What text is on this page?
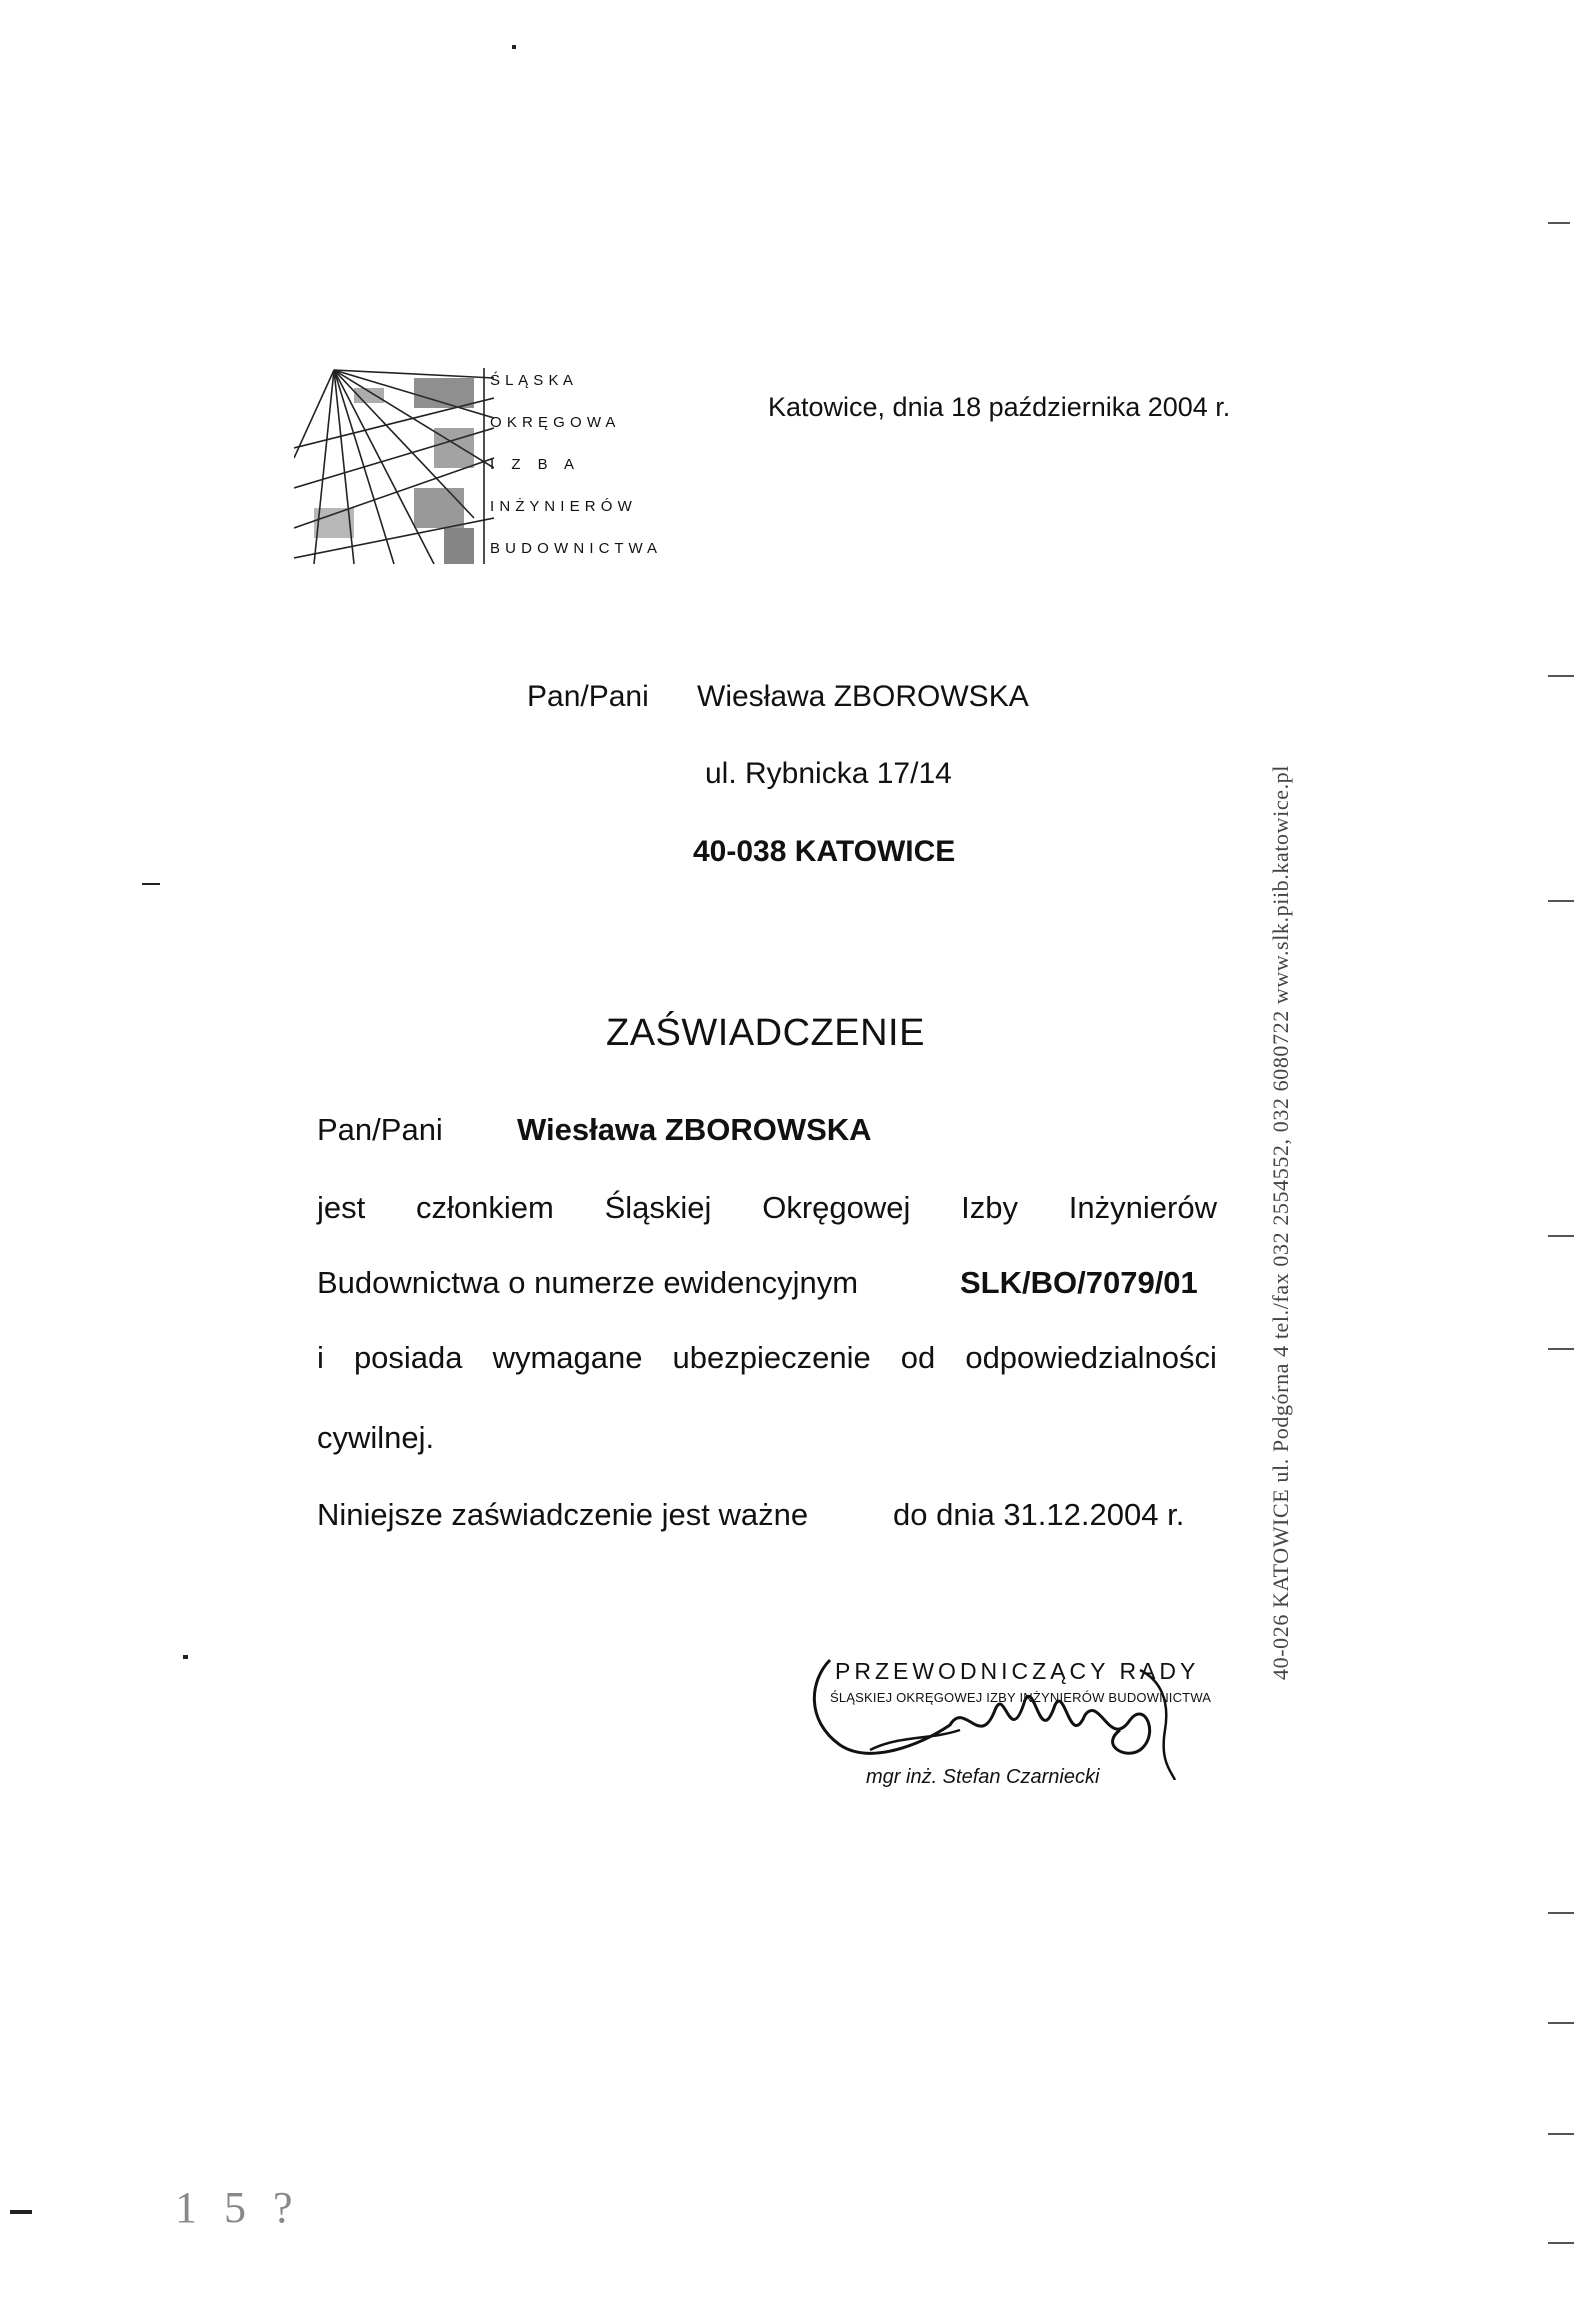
Ś L Ą S K A
O K R Ę G O W A
I Z B A
I N Ż Y N I E R Ó W
B U D O W N I C T W A
Katowice, dnia 18 października 2004 r.
Pan/Pani Wiesława ZBOROWSKA
ul. Rybnicka 17/14
40-038 KATOWICE
ZAŚWIADCZENIE
Pan/Pani Wiesława ZBOROWSKA
jest członkiem Śląskiej Okręgowej Izby Inżynierów
Budownictwa o numerze ewidencyjnym	SLK/BO/7079/01
i posiada wymagane ubezpieczenie od odpowiedzialności
cywilnej.
Niniejsze zaświadczenie jest ważne	do dnia 31.12.2004 r.
PRZEWODNICZĄCY RADY
ŚLĄSKIEJ OKRĘGOWEJ IZBY INŻYNIERÓW BUDOWNICTWA
mgr inż. Stefan Czarniecki
40-026 KATOWICE ul. Podgórna 4 tel./fax 032 2554552, 032 6080722 www.slk.piib.katowice.pl
1 5 ?
